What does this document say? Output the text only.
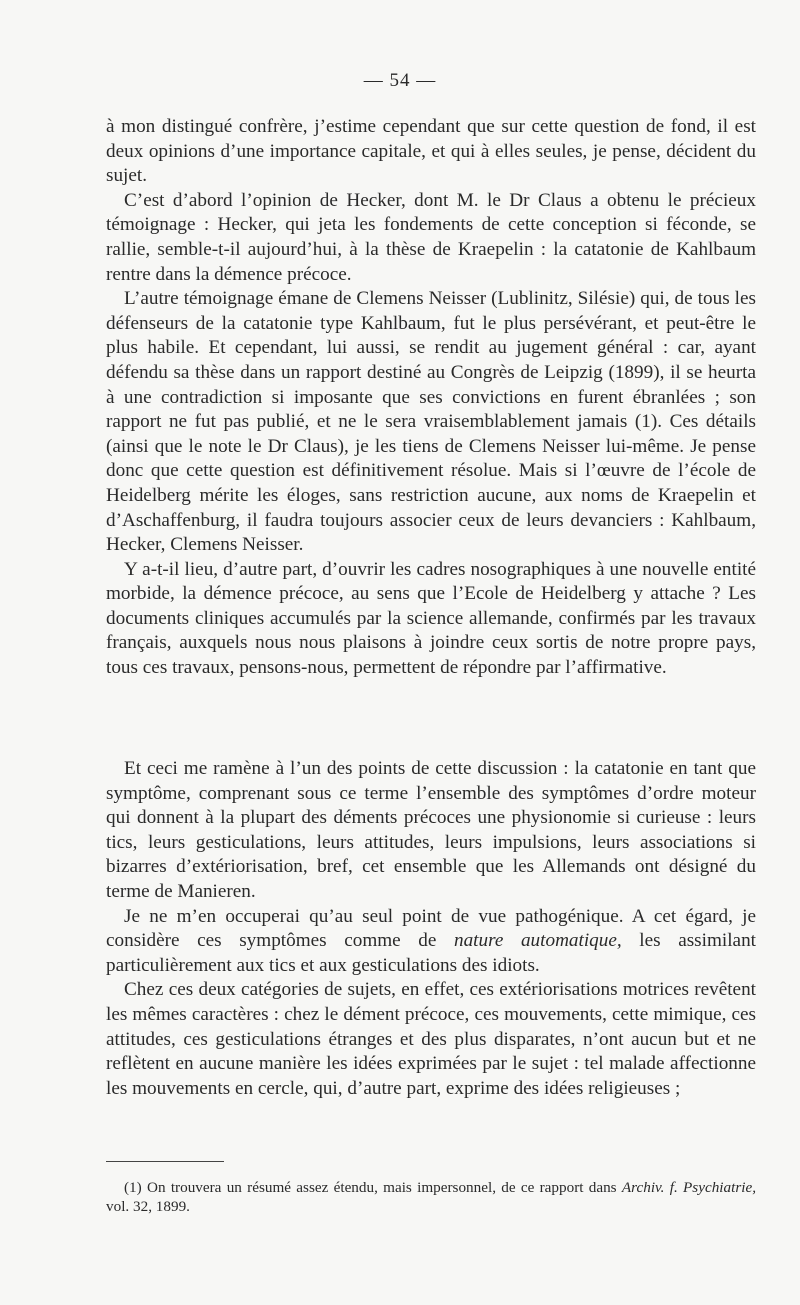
— 54 —

à mon distingué confrère, j’estime cependant que sur cette question de fond, il est deux opinions d’une importance capitale, et qui à elles seules, je pense, décident du sujet.

C’est d’abord l’opinion de Hecker, dont M. le Dr Claus a obtenu le précieux témoignage : Hecker, qui jeta les fondements de cette conception si féconde, se rallie, semble-t-il aujourd’hui, à la thèse de Kraepelin : la catatonie de Kahlbaum rentre dans la démence précoce.

L’autre témoignage émane de Clemens Neisser (Lublinitz, Silésie) qui, de tous les défenseurs de la catatonie type Kahlbaum, fut le plus persévérant, et peut-être le plus habile. Et cependant, lui aussi, se rendit au jugement général : car, ayant défendu sa thèse dans un rapport destiné au Congrès de Leipzig (1899), il se heurta à une contradiction si imposante que ses convictions en furent ébranlées ; son rapport ne fut pas publié, et ne le sera vraisemblablement jamais (1). Ces détails (ainsi que le note le Dr Claus), je les tiens de Clemens Neisser lui-même. Je pense donc que cette question est définitivement résolue. Mais si l’œuvre de l’école de Heidelberg mérite les éloges, sans restriction aucune, aux noms de Kraepelin et d’Aschaffenburg, il faudra toujours associer ceux de leurs devanciers : Kahlbaum, Hecker, Clemens Neisser.

Y a-t-il lieu, d’autre part, d’ouvrir les cadres nosographiques à une nouvelle entité morbide, la démence précoce, au sens que l’Ecole de Heidelberg y attache ? Les documents cliniques accumulés par la science allemande, confirmés par les travaux français, auxquels nous nous plaisons à joindre ceux sortis de notre propre pays, tous ces travaux, pensons-nous, permettent de répondre par l’affirmative.

Et ceci me ramène à l’un des points de cette discussion : la catatonie en tant que symptôme, comprenant sous ce terme l’ensemble des symptômes d’ordre moteur qui donnent à la plupart des déments précoces une physionomie si curieuse : leurs tics, leurs gesticulations, leurs attitudes, leurs impulsions, leurs associations si bizarres d’extériorisation, bref, cet ensemble que les Allemands ont désigné du terme de Manieren.

Je ne m’en occuperai qu’au seul point de vue pathogénique. A cet égard, je considère ces symptômes comme de nature automatique, les assimilant particulièrement aux tics et aux gesticulations des idiots.

Chez ces deux catégories de sujets, en effet, ces extériorisations motrices revêtent les mêmes caractères : chez le dément précoce, ces mouvements, cette mimique, ces attitudes, ces gesticulations étranges et des plus disparates, n’ont aucun but et ne reflètent en aucune manière les idées exprimées par le sujet : tel malade affectionne les mouvements en cercle, qui, d’autre part, exprime des idées religieuses ;

(1) On trouvera un résumé assez étendu, mais impersonnel, de ce rapport dans Archiv. f. Psychiatrie, vol. 32, 1899.
